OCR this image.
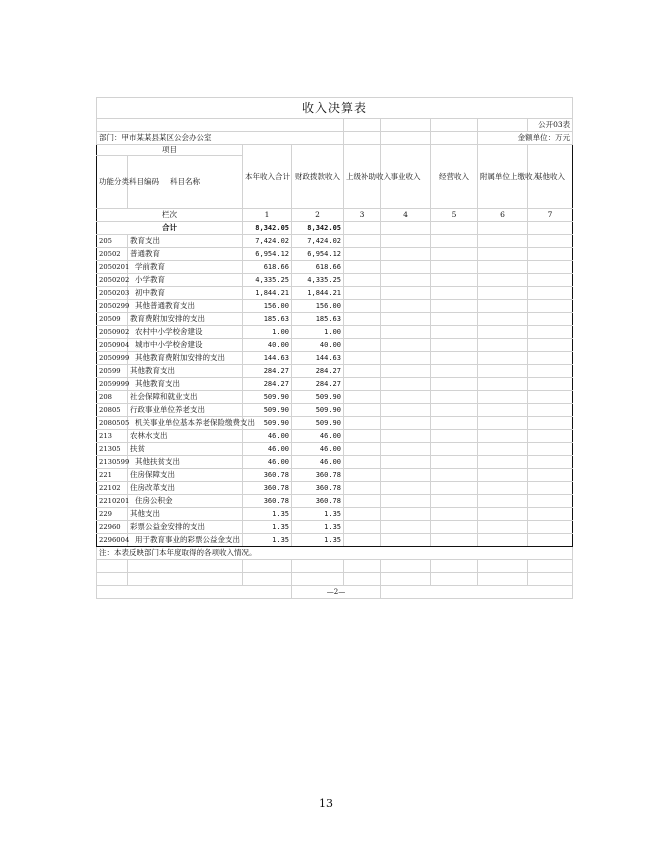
收入决算表								
								公开03表
部门：甲市某某县某区公会办公室							金额单位：万元	
项目		本年收入合计	财政拨款收入	上级补助收入	事业收入	经营收入	附属单位上缴收入	其他收入
功能分类科目编码	科目名称							
栏次		1	2	3	4	5	6	7
合计		8,342.05	8,342.05					
205	教育支出	7,424.02	7,424.02					
20502	普通教育	6,954.12	6,954.12					
2050201	学前教育	618.66	618.66					
2050202	小学教育	4,335.25	4,335.25					
2050203	初中教育	1,844.21	1,844.21					
2050299	其他普通教育支出	156.00	156.00					
20509	教育费附加安排的支出	185.63	185.63					
2050902	农村中小学校舍建设	1.00	1.00					
2050904	城市中小学校舍建设	40.00	40.00					
2050999	其他教育费附加安排的支出	144.63	144.63					
20599	其他教育支出	284.27	284.27					
2059999	其他教育支出	284.27	284.27					
208	社会保障和就业支出	509.90	509.90					
20805	行政事业单位养老支出	509.90	509.90					
2080505	机关事业单位基本养老保险缴费支出	509.90	509.90					
213	农林水支出	46.00	46.00					
21305	扶贫	46.00	46.00					
2130599	其他扶贫支出	46.00	46.00					
221	住房保障支出	360.78	360.78					
22102	住房改革支出	360.78	360.78					
2210201	住房公积金	360.78	360.78					
229	其他支出	1.35	1.35					
22960	彩票公益金安排的支出	1.35	1.35					
2296004	用于教育事业的彩票公益金支出	1.35	1.35					
注：本表反映部门本年度取得的各项收入情况。								

			—2—					
13
